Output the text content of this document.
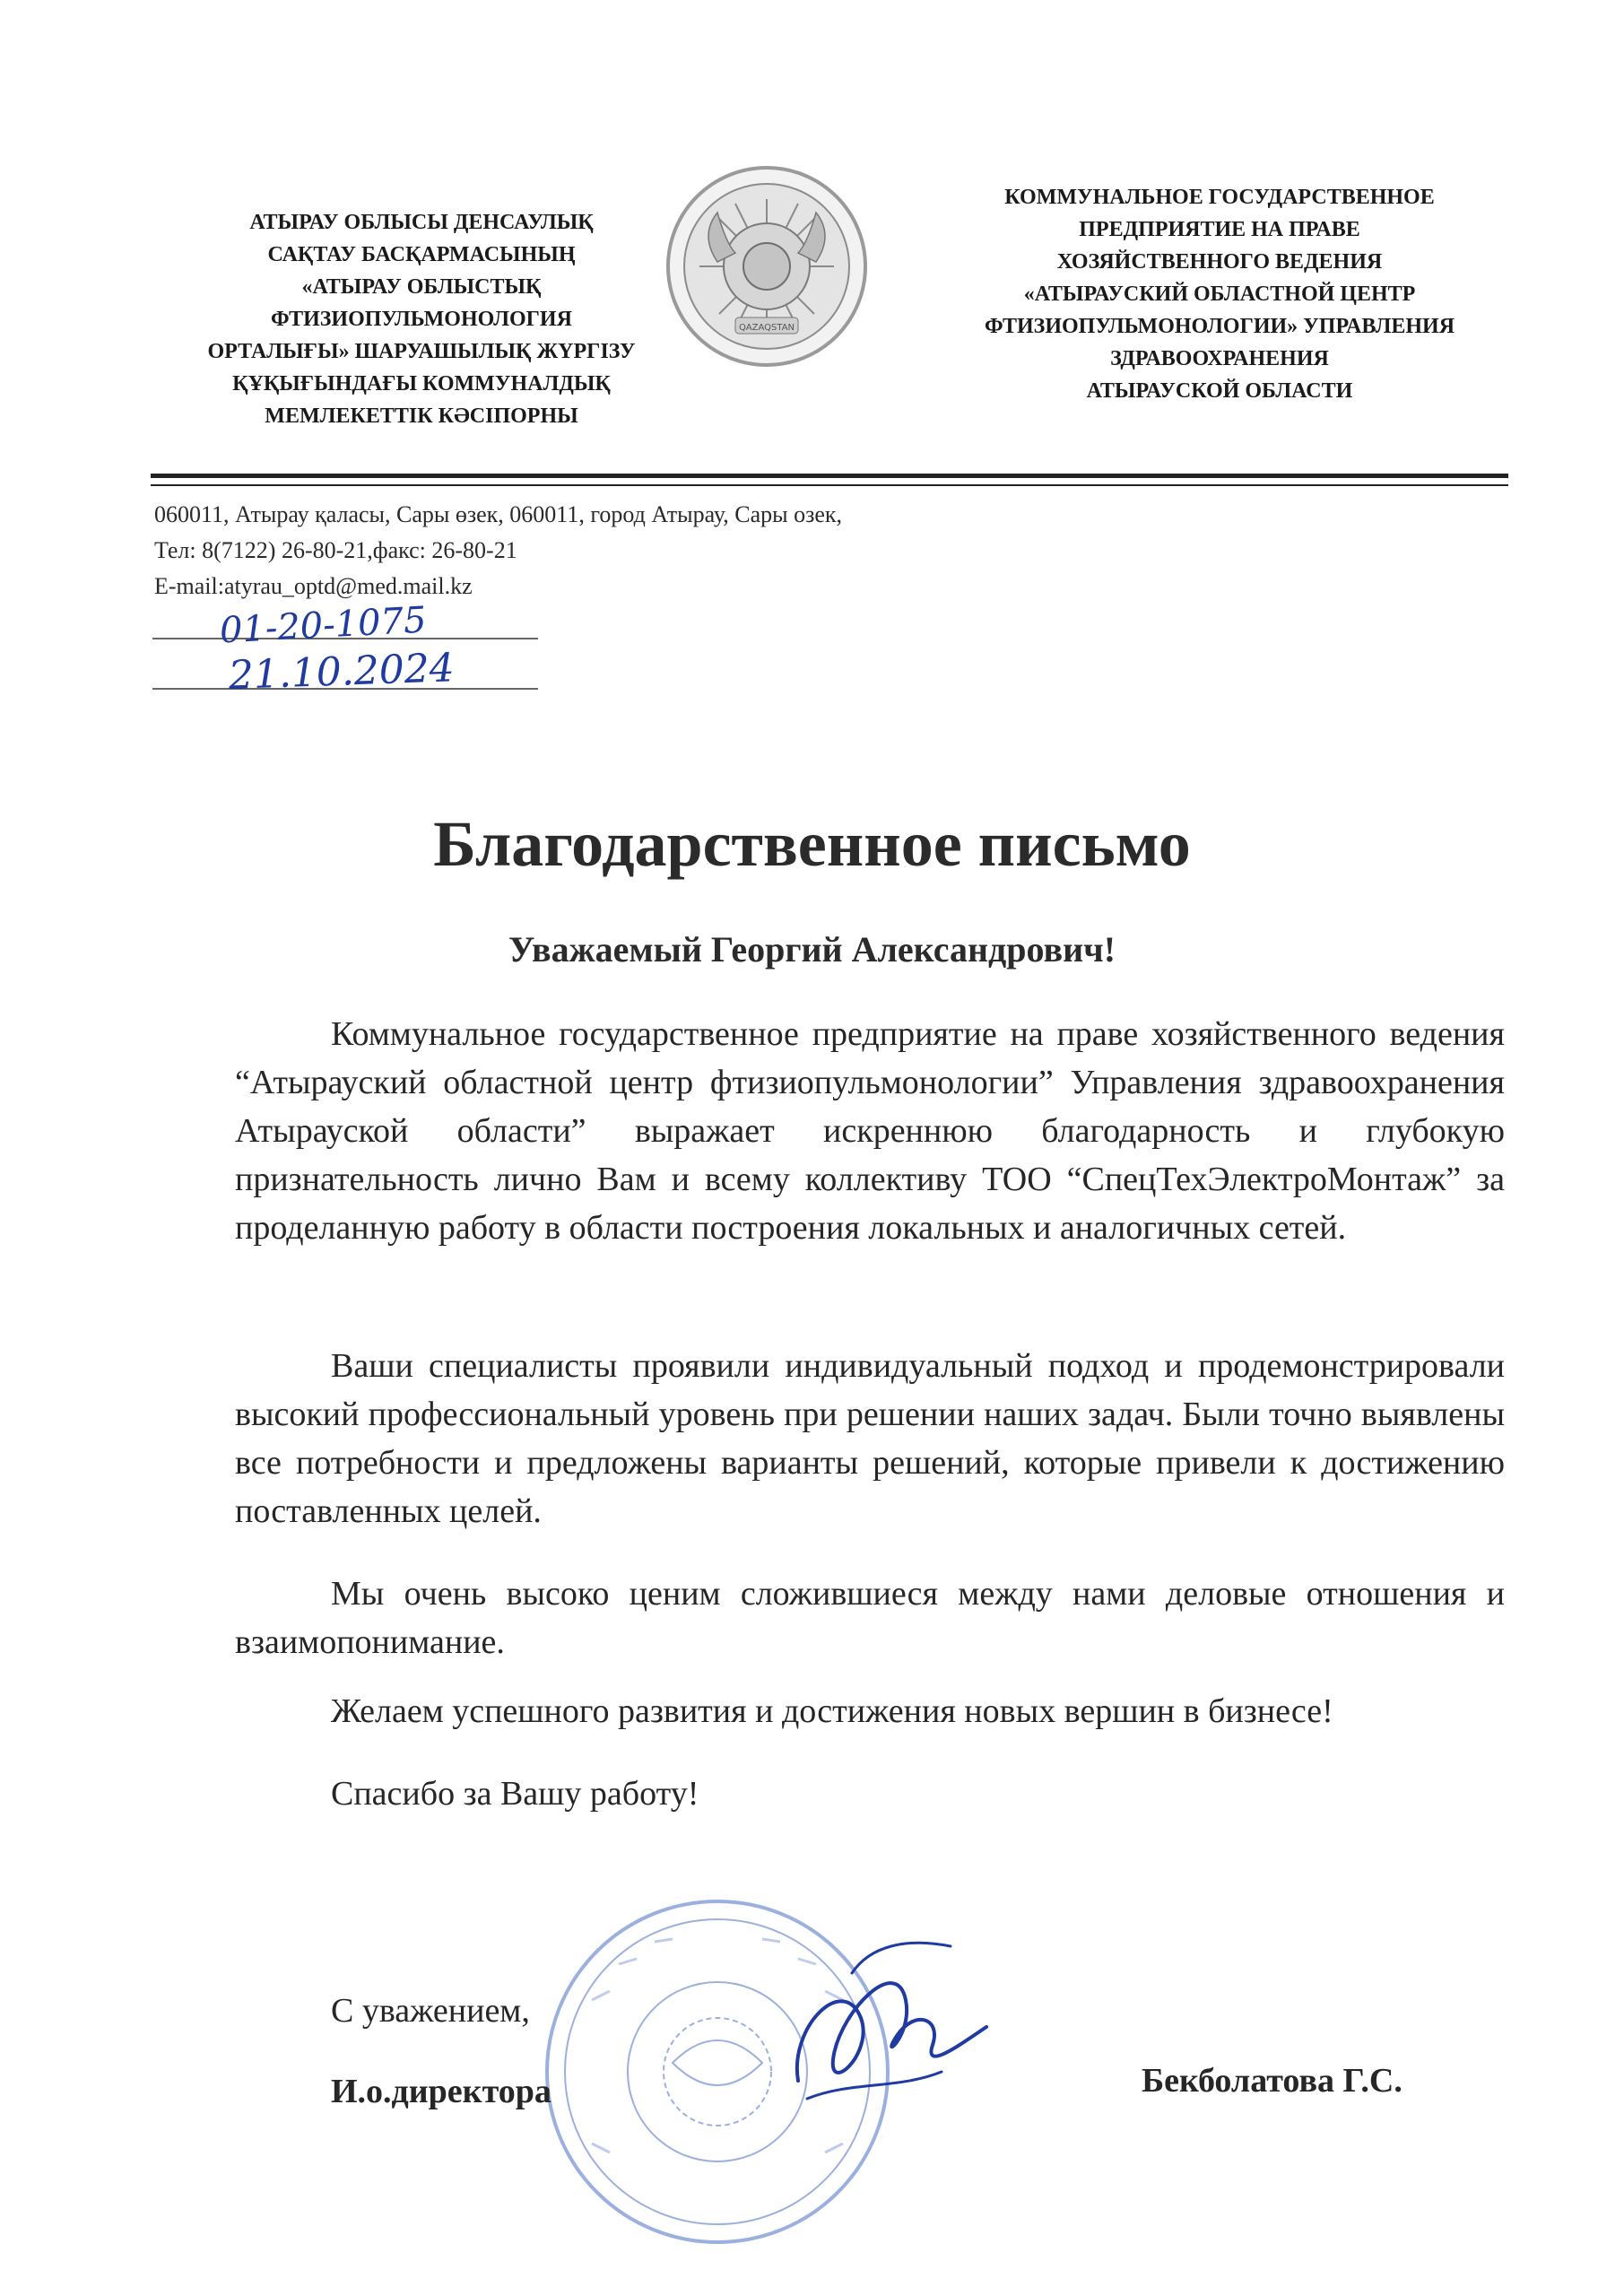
АТЫРАУ ОБЛЫСЫ ДЕНСАУЛЫҚ
САҚТАУ БАСҚАРМАСЫНЫҢ
«АТЫРАУ ОБЛЫСТЫҚ
ФТИЗИОПУЛЬМОНОЛОГИЯ
ОРТАЛЫҒЫ» ШАРУАШЫЛЫҚ ЖҮРГІЗУ
ҚҰҚЫҒЫНДАҒЫ КОММУНАЛДЫҚ
МЕМЛЕКЕТТІК КӘСІПОРНЫ
QAZAQSTAN
КОММУНАЛЬНОЕ ГОСУДАРСТВЕННОЕ
ПРЕДПРИЯТИЕ НА ПРАВЕ
ХОЗЯЙСТВЕННОГО ВЕДЕНИЯ
«АТЫРАУСКИЙ ОБЛАСТНОЙ ЦЕНТР
ФТИЗИОПУЛЬМОНОЛОГИИ» УПРАВЛЕНИЯ
ЗДРАВООХРАНЕНИЯ
АТЫРАУСКОЙ ОБЛАСТИ
060011, Атырау қаласы, Сары өзек, 060011, город Атырау, Сары озек,
Тел: 8(7122) 26-80-21,факс: 26-80-21
E-mail:atyrau_optd@med.mail.kz
01-20-1075
21.10.2024
Благодарственное письмо
Уважаемый Георгий Александрович!

Коммунальное государственное предприятие на праве хозяйственного ведения “Атырауский областной центр фтизиопульмонологии” Управления здравоохранения Атырауской области” выражает искреннюю благодарность и глубокую признательность лично Вам и всему коллективу ТОО “СпецТехЭлектроМонтаж” за проделанную работу в области построения локальных и аналогичных сетей.

Ваши специалисты проявили индивидуальный подход и продемонстрировали высокий профессиональный уровень при решении наших задач. Были точно выявлены все потребности и предложены варианты решений, которые привели к достижению поставленных целей.

Мы очень высоко ценим сложившиеся между нами деловые отношения и взаимопонимание.

Желаем успешного развития и достижения новых вершин в бизнесе!
Спасибо за Вашу работу!
С уважением,
И.о.директора	Бекболатова Г.С.
